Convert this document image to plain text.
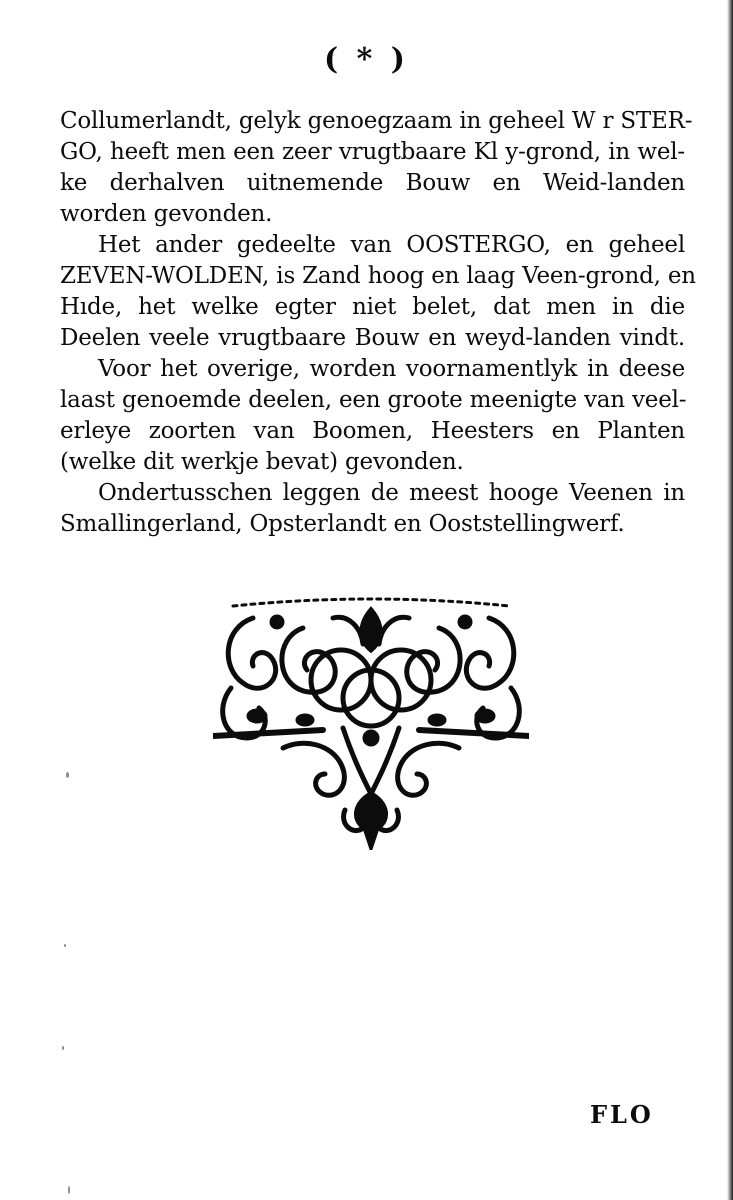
( * )
Collumerlandt, gelyk genoegzaam in geheel W r STER-
GO, heeft men een zeer vrugtbaare Kl y-grond, in wel-
ke derhalven uitnemende Bouw en Weid-landen
worden gevonden.
Het ander gedeelte van OOSTERGO, en geheel
ZEVEN-WOLDEN, is Zand hoog en laag Veen-grond, en
Hıde, het welke egter niet belet, dat men in die
Deelen veele vrugtbaare Bouw en weyd-landen vindt.
Voor het overige, worden voornamentlyk in deese
laast genoemde deelen, een groote meenigte van veel-
erleye zoorten van Boomen, Heesters en Planten
(welke dit werkje bevat) gevonden.
Ondertusschen leggen de meest hooge Veenen in
Smallingerland, Opsterlandt en Ooststellingwerf.
FLO
